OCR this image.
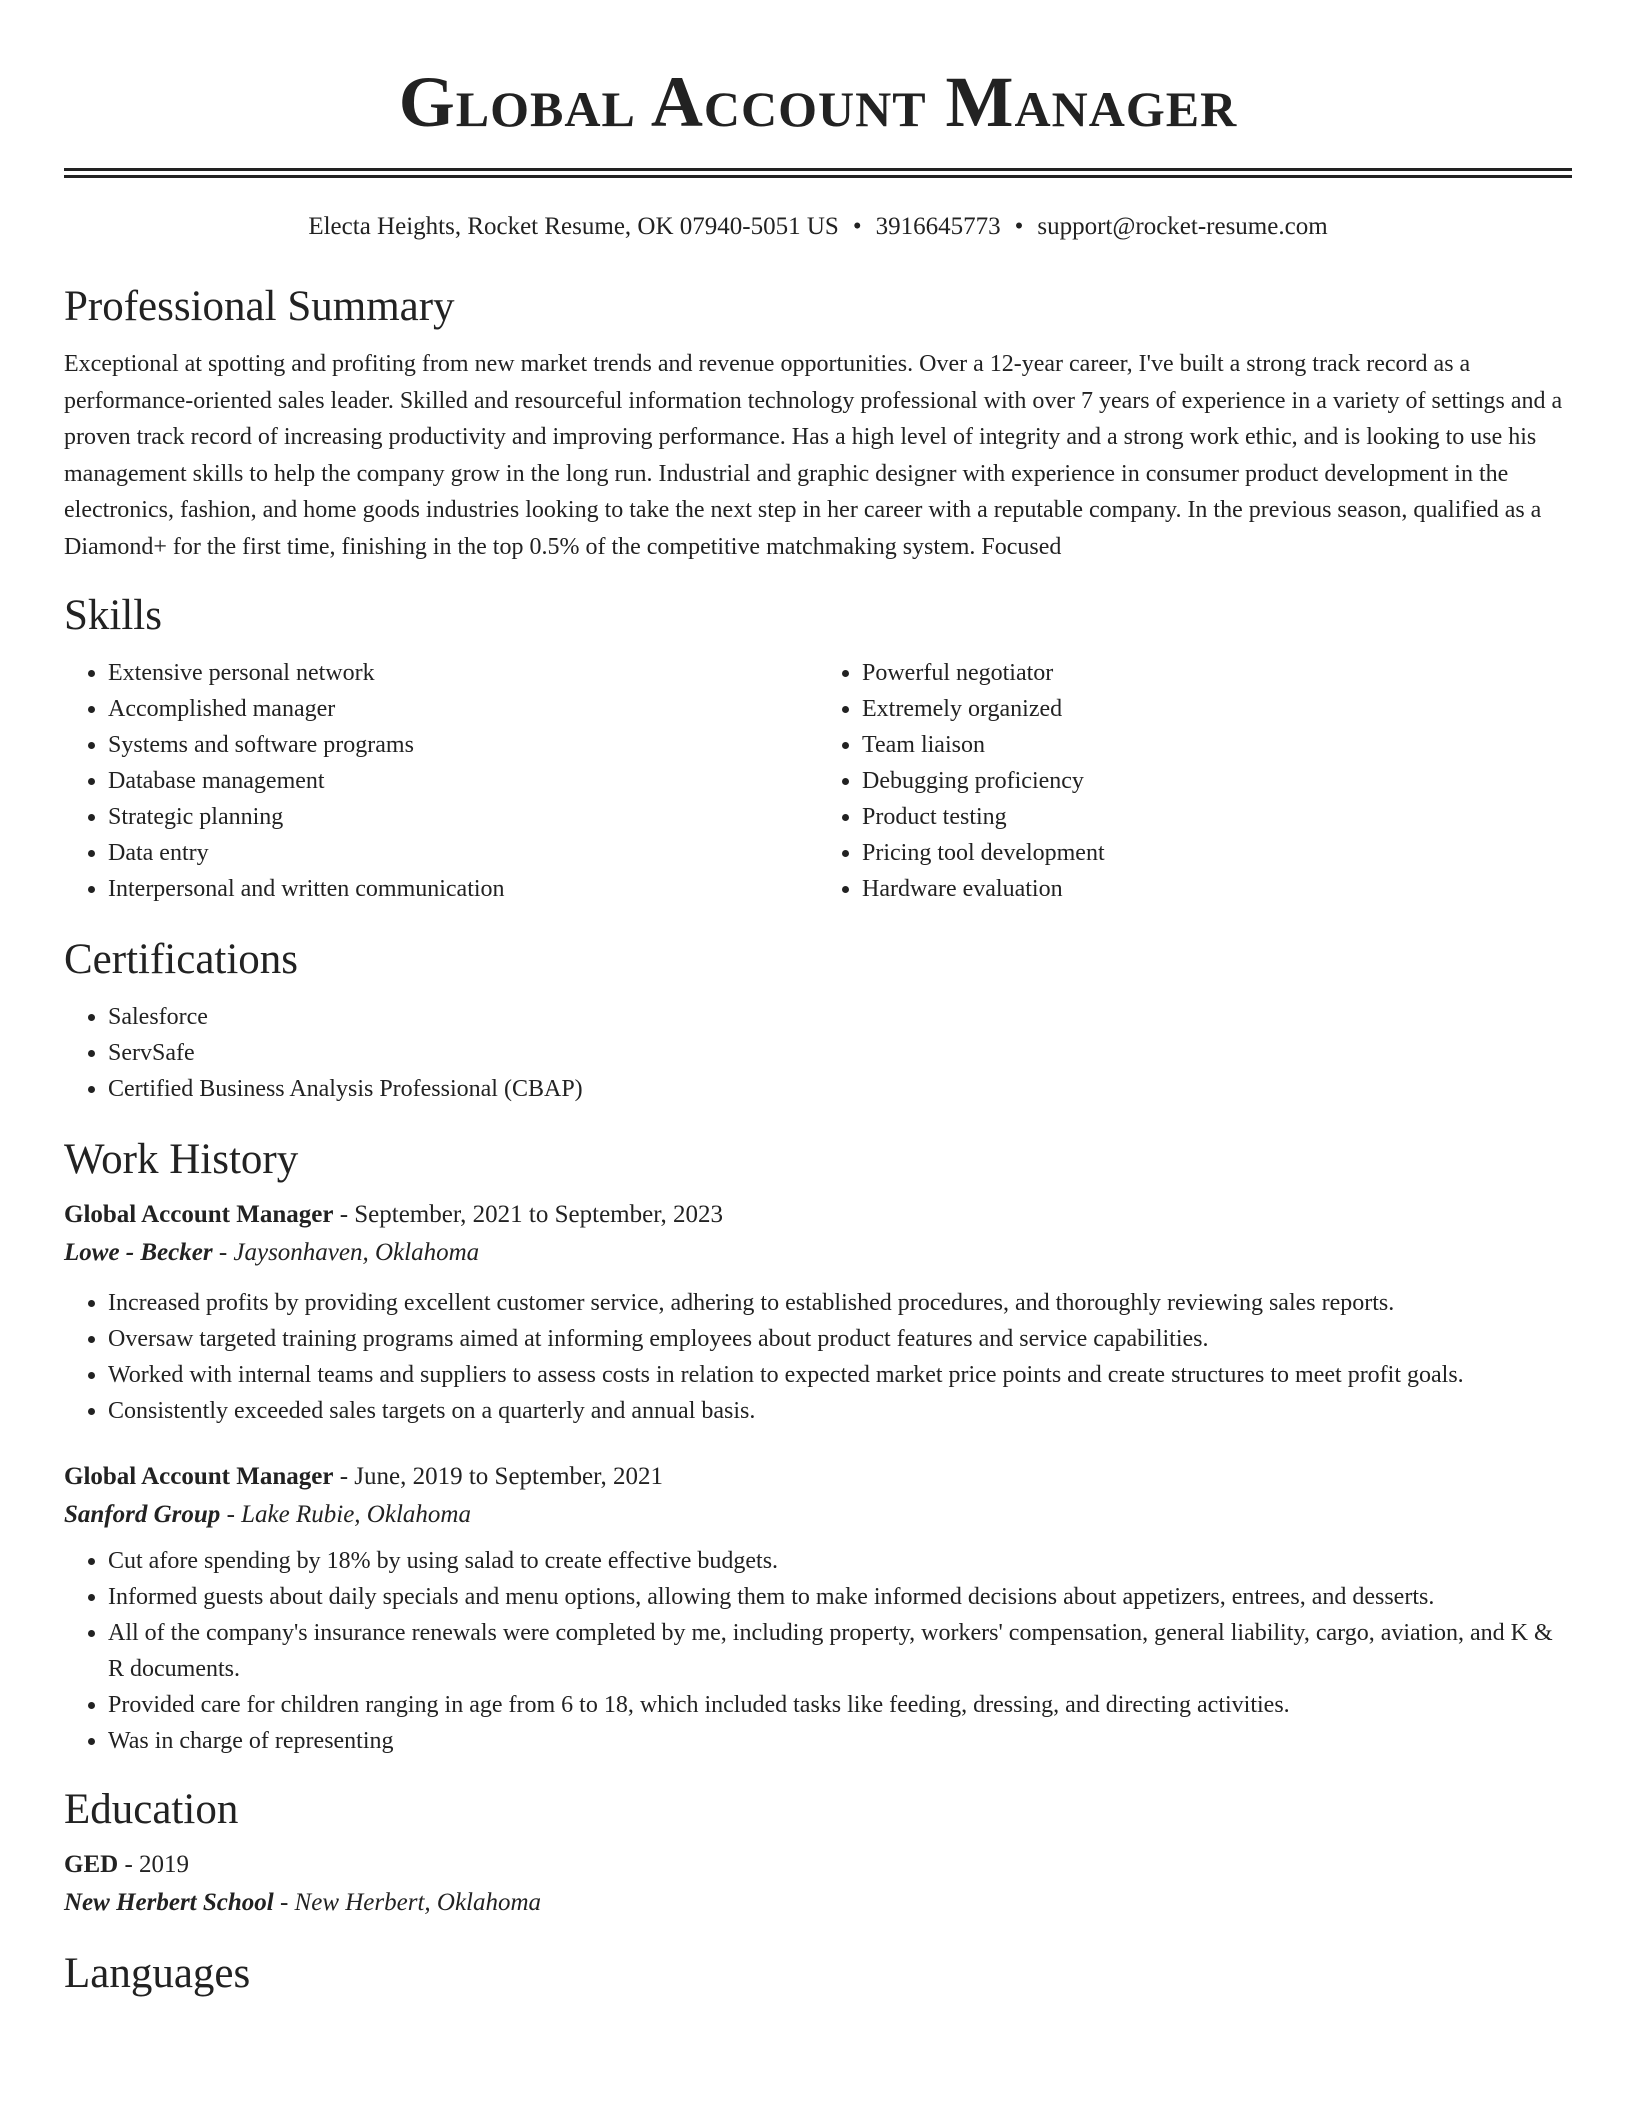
Global Account Manager
Electa Heights, Rocket Resume, OK 07940-5051 US • 3916645773 • support@rocket-resume.com
Professional Summary

Exceptional at spotting and profiting from new market trends and revenue opportunities. Over a 12-year career, I've built a strong track record as a performance-oriented sales leader. Skilled and resourceful information technology professional with over 7 years of experience in a variety of settings and a proven track record of increasing productivity and improving performance. Has a high level of integrity and a strong work ethic, and is looking to use his management skills to help the company grow in the long run. Industrial and graphic designer with experience in consumer product development in the electronics, fashion, and home goods industries looking to take the next step in her career with a reputable company. In the previous season, qualified as a Diamond+ for the first time, finishing in the top 0.5% of the competitive matchmaking system. Focused

Skills
• Extensive personal network
• Accomplished manager
• Systems and software programs
• Database management
• Strategic planning
• Data entry
• Interpersonal and written communication
• Powerful negotiator
• Extremely organized
• Team liaison
• Debugging proficiency
• Product testing
• Pricing tool development
• Hardware evaluation
Certifications
• Salesforce
• ServSafe
• Certified Business Analysis Professional (CBAP)
Work History
Global Account Manager - September, 2021 to September, 2023
Lowe - Becker - Jaysonhaven, Oklahoma
• Increased profits by providing excellent customer service, adhering to established procedures, and thoroughly reviewing sales reports.
• Oversaw targeted training programs aimed at informing employees about product features and service capabilities.
• Worked with internal teams and suppliers to assess costs in relation to expected market price points and create structures to meet profit goals.
• Consistently exceeded sales targets on a quarterly and annual basis.
Global Account Manager - June, 2019 to September, 2021
Sanford Group - Lake Rubie, Oklahoma
• Cut afore spending by 18% by using salad to create effective budgets.
• Informed guests about daily specials and menu options, allowing them to make informed decisions about appetizers, entrees, and desserts.
• All of the company's insurance renewals were completed by me, including property, workers' compensation, general liability, cargo, aviation, and K & R documents.
• Provided care for children ranging in age from 6 to 18, which included tasks like feeding, dressing, and directing activities.
• Was in charge of representing
Education
GED - 2019
New Herbert School - New Herbert, Oklahoma
Languages
